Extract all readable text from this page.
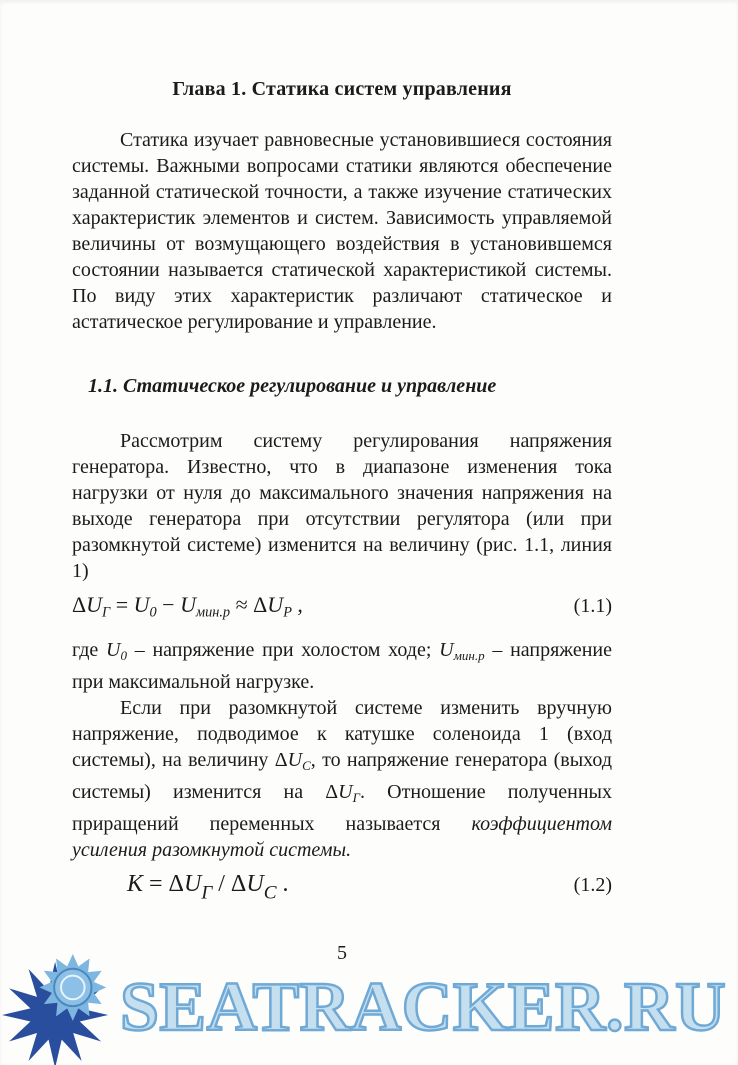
Глава 1. Статика систем управления

Статика изучает равновесные установившиеся состояния системы. Важными вопросами статики являются обеспечение заданной статической точности, а также изучение статических характеристик элементов и систем. Зависимость управляемой величины от возмущающего воздействия в установившемся состоянии называется статической характеристикой системы. По виду этих характеристик различают статическое и астатическое регулирование и управление.

1.1. Статическое регулирование и управление

Рассмотрим систему регулирования напряжения генератора. Известно, что в диапазоне изменения тока нагрузки от нуля до максимального значения напряжения на выходе генератора при отсутствии регулятора (или при разомкнутой системе) изменится на величину (рис. 1.1, линия 1)

ΔUГ = U0 − Uмин.р ≈ ΔUР ,	(1.1)

где U0 – напряжение при холостом ходе; Uмин.р – напряжение при максимальной нагрузке.

Если при разомкнутой системе изменить вручную напряжение, подводимое к катушке соленоида 1 (вход системы), на величину ΔUС, то напряжение генератора (выход системы) изменится на ΔUГ. Отношение полученных приращений переменных называется коэффициентом усиления разомкнутой системы.

$K = \Delta U_Г / \Delta U_С$ .	(1.2)
5
SEATRACKER.RU
